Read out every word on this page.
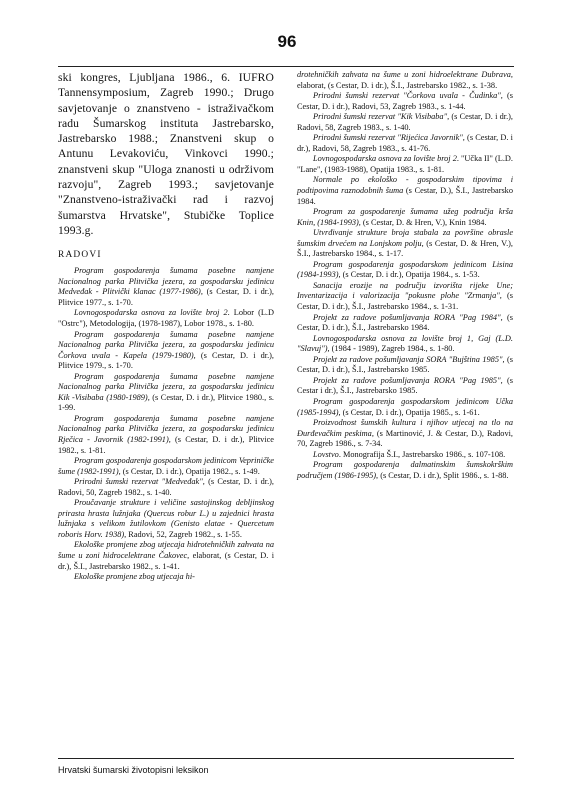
96

ski kongres, Ljubljana 1986., 6. IUFRO Tannensymposium, Zagreb 1990.; Drugo savjetovanje o znanstveno - istraživačkom radu Šumarskog instituta Jastrebarsko, Jastrebarsko 1988.; Znanstveni skup o Antunu Levakoviću, Vinkovci 1990.; znanstveni skup "Uloga znanosti u održivom razvoju", Zagreb 1993.; savjetovanje "Znanstveno-istraživački rad i razvoj šumarstva Hrvatske", Stubičke Toplice 1993.g.

RADOVI

Program gospodarenja šumama posebne namjene Nacionalnog parka Plitvička jezera, za gospodarsku jedinicu Medveđak - Plitvički klanac (1977-1986), (s Cestar, D. i dr.), Plitvice 1977., s. 1-70.

Lovnogospodarska osnova za lovište broj 2. Lobor (L.D "Ostrc"), Metodologija, (1978-1987), Lobor 1978., s. 1-80.

Program gospodarenja šumama posebne namjene Nacionalnog parka Plitvička jezera, za gospodarsku jedinicu Čorkova uvala - Kapela (1979-1980), (s Cestar, D. i dr.), Plitvice 1979., s. 1-70.

Program gospodarenja šumama posebne namjene Nacionalnog parka Plitvička jezera, za gospodarsku jedinicu Kik -Visibaba (1980-1989), (s Cestar, D. i dr.), Plitvice 1980., s. 1-99.

Program gospodarenja šumama posebne namjene Nacionalnog parka Plitvička jezera, za gospodarsku jedinicu Rječica - Javornik (1982-1991), (s Cestar, D. i dr.), Plitvice 1982., s. 1-81.

Program gospodarenja gospodarskom jedinicom Vepriničke šume (1982-1991), (s Cestar, D. i dr.), Opatija 1982., s. 1-49.

Prirodni šumski rezervat "Medveđak", (s Cestar, D. i dr.), Radovi, 50, Zagreb 1982., s. 1-40.

Proučavanje strukture i veličine sastojinskog debljinskog prirasta hrasta lužnjaka (Quercus robur L.) u zajednici hrasta lužnjaka s velikom žutilovkom (Genisto elatae - Quercetum roboris Horv. 1938), Radovi, 52, Zagreb 1982., s. 1-55.

Ekološke promjene zbog utjecaja hidrotehničkih zahvata na šume u zoni hidrocelektrane Čakovec, elaborat, (s Cestar, D. i dr.), Š.I., Jastrebarsko 1982., s. 1-41.

Ekološke promjene zbog utjecaja hi-

drotehničkih zahvata na šume u zoni hidroelektrane Dubrava, elaborat, (s Cestar, D. i dr.), Š.I., Jastrebarsko 1982., s. 1-38.

Prirodni šumski rezervat "Čorkova uvala - Čudinka", (s Cestar, D. i dr.), Radovi, 53, Zagreb 1983., s. 1-44.

Prirodni šumski rezervat "Kik Visibaba", (s Cestar, D. i dr.), Radovi, 58, Zagreb 1983., s. 1-40.

Prirodni šumski rezervat "Rijećica Javornik", (s Cestar, D. i dr.), Radovi, 58, Zagreb 1983., s. 41-76.

Lovnogospodarska osnova za lovište broj 2. "Učka II" (L.D. "Lane", (1983-1988), Opatija 1983., s. 1-81.

Normale po ekološko - gospodarskim tipovima i podtipovima raznodobnih šuma (s Cestar, D.), Š.I., Jastrebarsko 1984.

Program za gospodarenje šumama užeg područja krša Knin, (1984-1993), (s Cestar, D. & Hren, V.), Knin 1984.

Utvrđivanje strukture broja stabala za površine obrasle šumskim drvećem na Lonjskom polju, (s Cestar, D. & Hren, V.), Š.I., Jastrebarsko 1984., s. 1-17.

Program gospodarenja gospodarskom jedinicom Lisina (1984-1993), (s Cestar, D. i dr.), Opatija 1984., s. 1-53.

Sanacija erozije na području izvorišta rijeke Une; Inventarizacija i valorizacija "pokusne plohe "Zrmanja", (s Cestar, D. i dr.), Š.I., Jastrebarsko 1984., s. 1-31.

Projekt za radove pošumljavanja RORA "Pag 1984", (s Cestar, D. i dr.), Š.I., Jastrebarsko 1984.

Lovnogospodarska osnova za lovište broj 1, Gaj (L.D. "Slavuj"), (1984 - 1989), Zagreb 1984., s. 1-80.

Projekt za radove pošumljavanja SORA "Bujština 1985", (s Cestar, D. i dr.), Š.I., Jastrebarsko 1985.

Projekt za radove pošumljavanja RORA "Pag 1985", (s Cestar i dr.), Š.I., Jastrebarsko 1985.

Program gospodarenja gospodarskom jedinicom Učka (1985-1994), (s Cestar, D. i dr.), Opatija 1985., s. 1-61.

Proizvodnost šumskih kultura i njihov utjecaj na tlo na Đurđevačkim peskima, (s Martinović, J. & Cestar, D.), Radovi, 70, Zagreb 1986., s. 7-34.

Lovstvo. Monografija Š.I., Jastrebarsko 1986., s. 107-108.

Program gospodarenja dalmatinskim šumskokrškim područjem (1986-1995), (s Cestar, D. i dr.), Split 1986., s. 1-88.

Hrvatski šumarski životopisni leksikon
